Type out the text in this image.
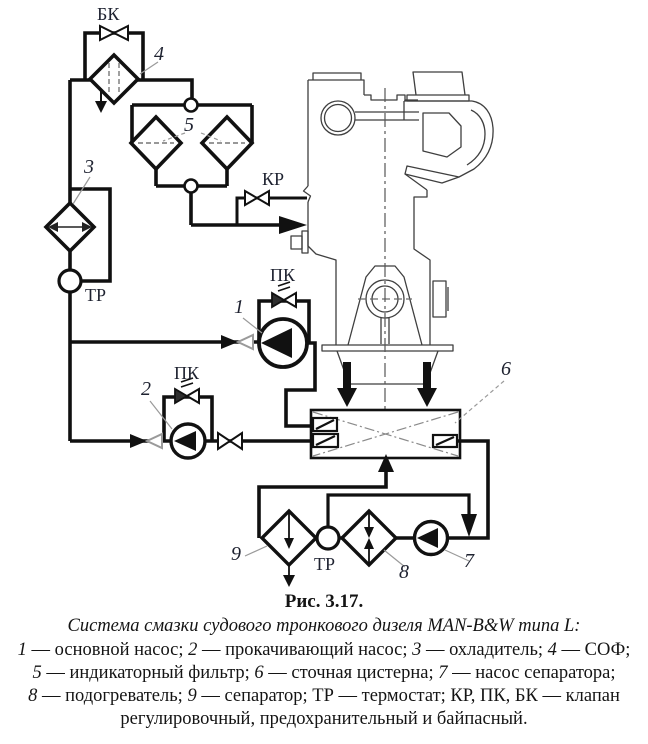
БК
4
5
3
ТР
КР
ПК
1
ПК
2
6
9	ТР	8	7
Рис. 3.17.
Система смазки судового тронкового дизеля MAN-B&W типа L:
1 — основной насос; 2 — прокачивающий насос; 3 — охладитель; 4 — СОФ;
5 — индикаторный фильтр; 6 — сточная цистерна; 7 — насос сепаратора;
8 — подогреватель; 9 — сепаратор; ТР — термостат; КР, ПК, БК — клапан
регулировочный, предохранительный и байпасный.
